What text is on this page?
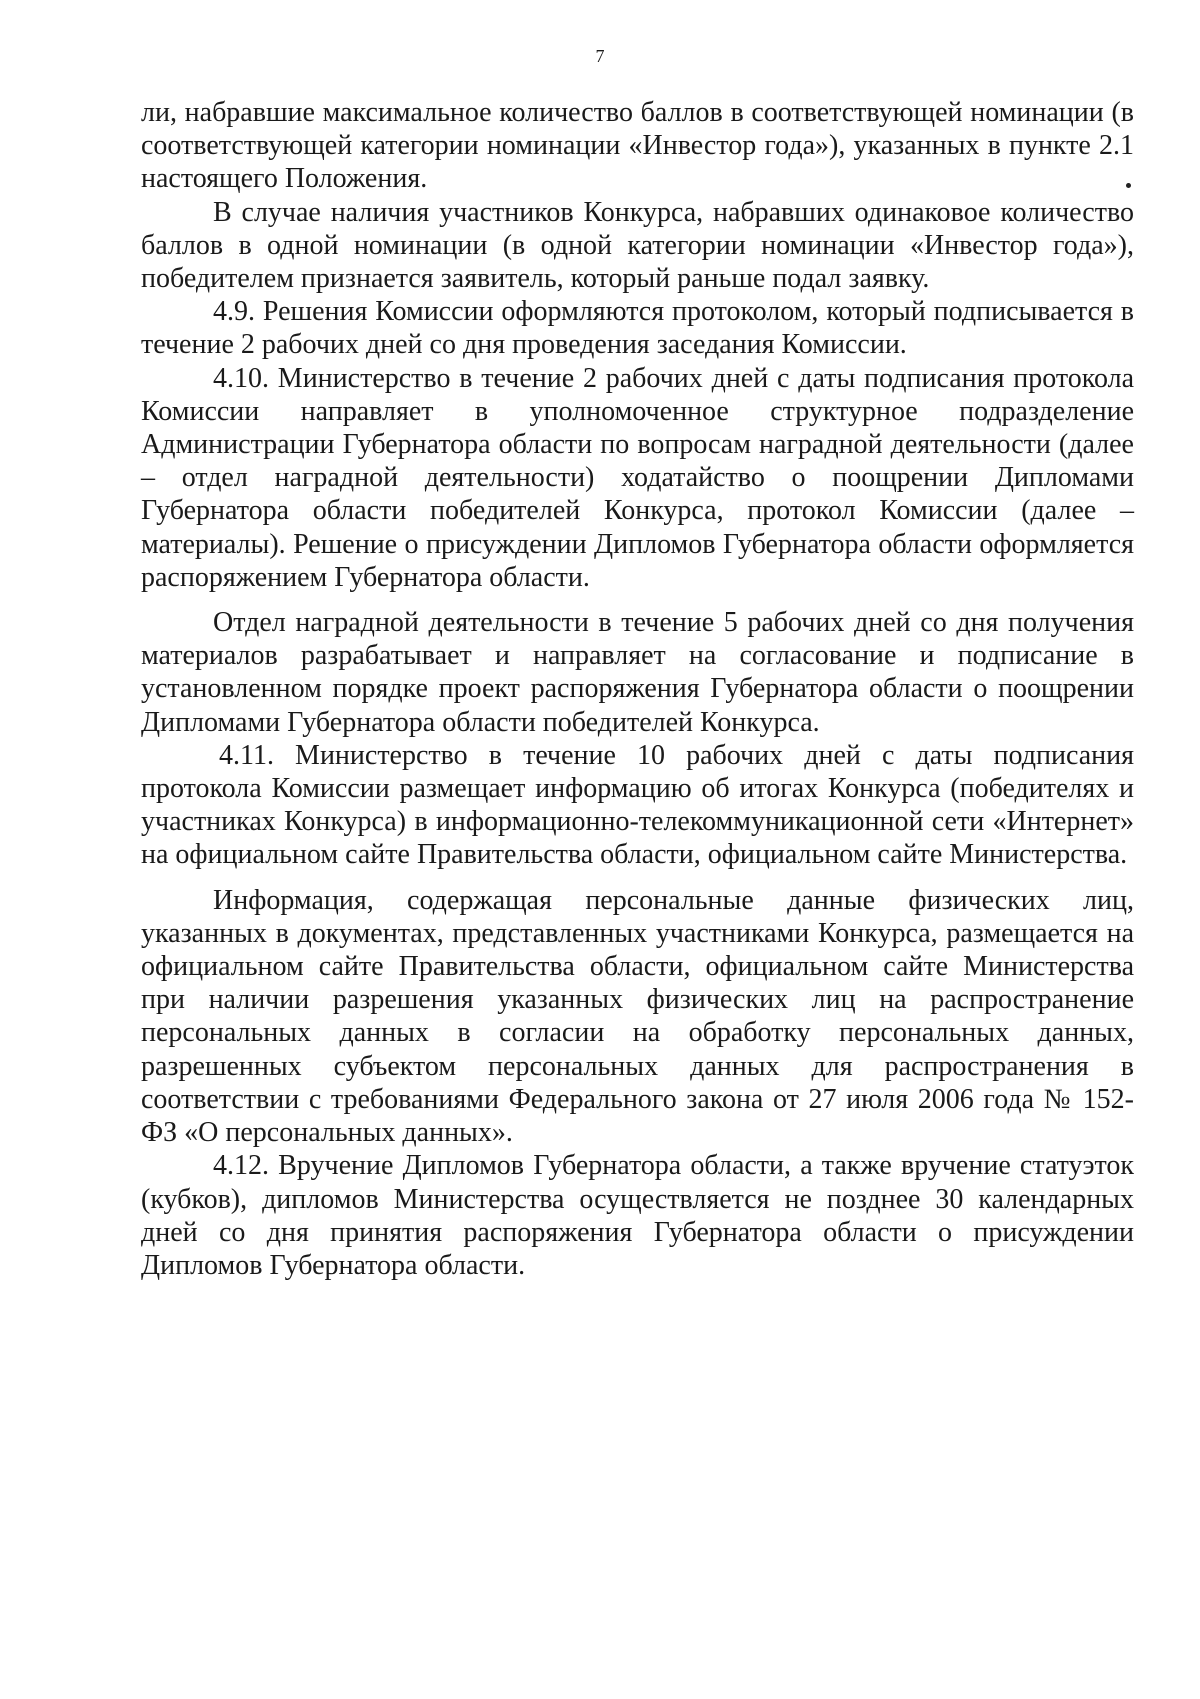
7

ли, набравшие максимальное количество баллов в соответствующей номинации (в соответствующей категории номинации «Инвестор года»), указанных в пункте 2.1 настоящего Положения.

В случае наличия участников Конкурса, набравших одинаковое количество баллов в одной номинации (в одной категории номинации «Инвестор года»), победителем признается заявитель, который раньше подал заявку.

4.9. Решения Комиссии оформляются протоколом, который подписывается в течение 2 рабочих дней со дня проведения заседания Комиссии.

4.10. Министерство в течение 2 рабочих дней с даты подписания протокола Комиссии направляет в уполномоченное структурное подразделение Администрации Губернатора области по вопросам наградной деятельности (далее – отдел наградной деятельности) ходатайство о поощрении Дипломами Губернатора области победителей Конкурса, протокол Комиссии (далее – материалы). Решение о присуждении Дипломов Губернатора области оформляется распоряжением Губернатора области.

Отдел наградной деятельности в течение 5 рабочих дней со дня получения материалов разрабатывает и направляет на согласование и подписание в установленном порядке проект распоряжения Губернатора области о поощрении Дипломами Губернатора области победителей Конкурса.

4.11. Министерство в течение 10 рабочих дней с даты подписания протокола Комиссии размещает информацию об итогах Конкурса (победителях и участниках Конкурса) в информационно-телекоммуникационной сети «Интернет» на официальном сайте Правительства области, официальном сайте Министерства.

Информация, содержащая персональные данные физических лиц, указанных в документах, представленных участниками Конкурса, размещается на официальном сайте Правительства области, официальном сайте Министерства при наличии разрешения указанных физических лиц на распространение персональных данных в согласии на обработку персональных данных, разрешенных субъектом персональных данных для распространения в соответствии с требованиями Федерального закона от 27 июля 2006 года № 152-ФЗ «О персональных данных».

4.12. Вручение Дипломов Губернатора области, а также вручение статуэток (кубков), дипломов Министерства осуществляется не позднее 30 календарных дней со дня принятия распоряжения Губернатора области о присуждении Дипломов Губернатора области.
